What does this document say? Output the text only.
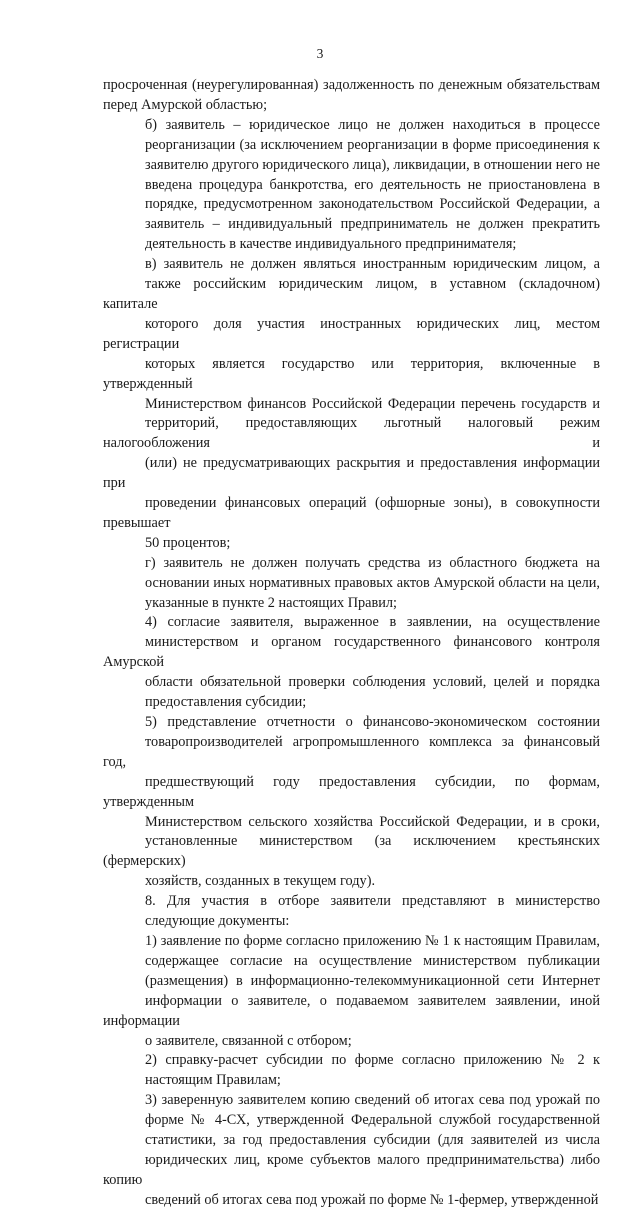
3
просроченная (неурегулированная) задолженность по денежным обязательствам
перед Амурской областью;
б) заявитель – юридическое лицо не должен находиться в процессе
реорганизации (за исключением реорганизации в форме присоединения к
заявителю другого юридического лица), ликвидации, в отношении него не
введена процедура банкротства, его деятельность не приостановлена в
порядке, предусмотренном законодательством Российской Федерации, а
заявитель – индивидуальный предприниматель не должен прекратить
деятельность в качестве индивидуального предпринимателя;
в) заявитель не должен являться иностранным юридическим лицом, а
также российским юридическим лицом, в уставном (складочном) капитале
которого доля участия иностранных юридических лиц, местом регистрации
которых является государство или территория, включенные в утвержденный
Министерством финансов Российской Федерации перечень государств и
территорий, предоставляющих льготный налоговый режим налогообложения и
(или) не предусматривающих раскрытия и предоставления информации при
проведении финансовых операций (офшорные зоны), в совокупности превышает
50 процентов;
г) заявитель не должен получать средства из областного бюджета на
основании иных нормативных правовых актов Амурской области на цели,
указанные в пункте 2 настоящих Правил;
4) согласие заявителя, выраженное в заявлении, на осуществление
министерством и органом государственного финансового контроля Амурской
области обязательной проверки соблюдения условий, целей и порядка
предоставления субсидии;
5) представление отчетности о финансово-экономическом состоянии
товаропроизводителей агропромышленного комплекса за финансовый год,
предшествующий году предоставления субсидии, по формам, утвержденным
Министерством сельского хозяйства Российской Федерации, и в сроки,
установленные министерством (за исключением крестьянских (фермерских)
хозяйств, созданных в текущем году).
8. Для участия в отборе заявители представляют в министерство
следующие документы:
1) заявление по форме согласно приложению № 1 к настоящим Правилам,
содержащее согласие на осуществление министерством публикации
(размещения) в информационно-телекоммуникационной сети Интернет
информации о заявителе, о подаваемом заявителем заявлении, иной информации
о заявителе, связанной с отбором;
2) справку-расчет субсидии по форме согласно приложению № 2 к
настоящим Правилам;
3) заверенную заявителем копию сведений об итогах сева под урожай по
форме № 4-СХ, утвержденной Федеральной службой государственной
статистики, за год предоставления субсидии (для заявителей из числа
юридических лиц, кроме субъектов малого предпринимательства) либо копию
сведений об итогах сева под урожай по форме № 1-фермер, утвержденной
